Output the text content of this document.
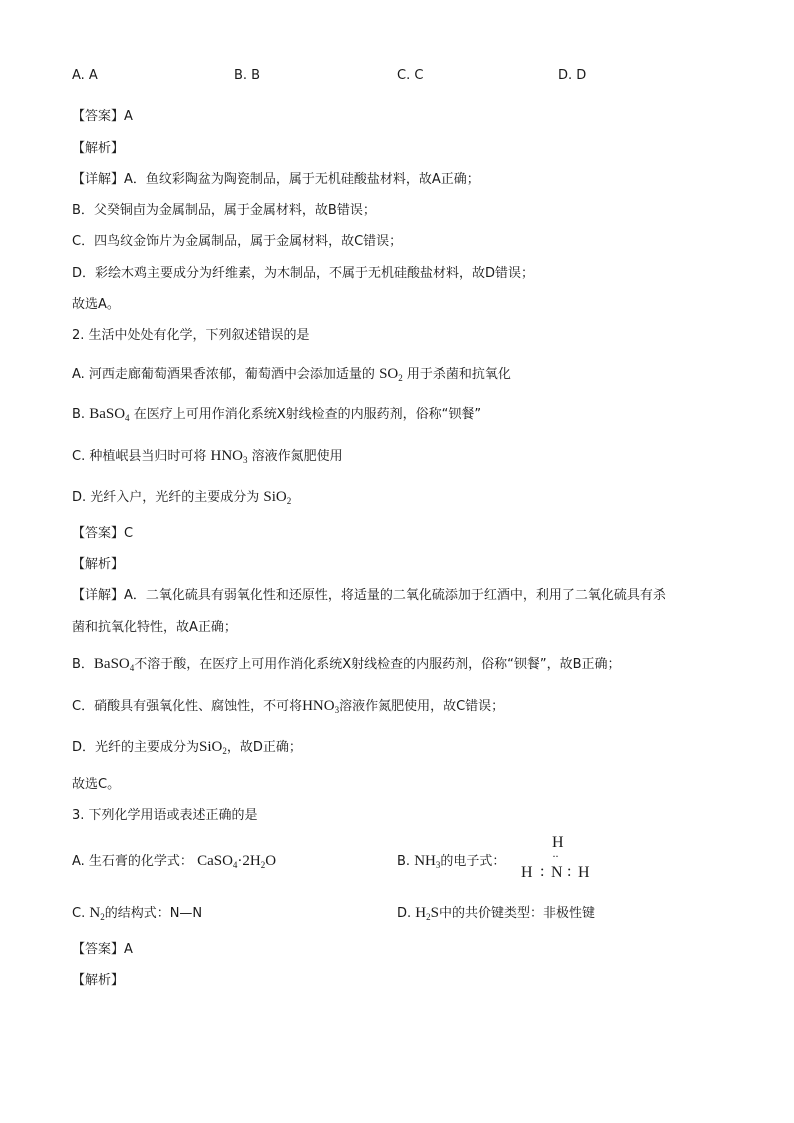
A. A	B. B	C. C	D. D
【答案】A
【解析】
【详解】A．鱼纹彩陶盆为陶瓷制品，属于无机硅酸盐材料，故A正确；
B．父癸铜卣为金属制品，属于金属材料，故B错误；
C．四鸟纹金饰片为金属制品，属于金属材料，故C错误；
D．彩绘木鸡主要成分为纤维素，为木制品，不属于无机硅酸盐材料，故D错误；
故选A。
2. 生活中处处有化学，下列叙述错误的是
A. 河西走廊葡萄酒果香浓郁，葡萄酒中会添加适量的 $SO_2$ 用于杀菌和抗氧化
B. BaSO$_4$ 在医疗上可用作消化系统X射线检查的内服药剂，俗称“钡餐”
C. 种植岷县当归时可将 $HNO_3$ 溶液作氮肥使用
D. 光纤入户，光纤的主要成分为 SiO$_2$
【答案】C
【解析】
【详解】A．二氧化硫具有弱氧化性和还原性，将适量的二氧化硫添加于红酒中，利用了二氧化硫具有杀
菌和抗氧化特性，故A正确；
B．BaSO$_4$不溶于酸，在医疗上可用作消化系统X射线检查的内服药剂，俗称“钡餐”，故B正确；
C．硝酸具有强氧化性、腐蚀性，不可将$HNO_3$溶液作氮肥使用，故C错误；
D．光纤的主要成分为SiO$_2$，故D正确；
故选C。
3. 下列化学用语或表述正确的是
A. 生石膏的化学式： $CaSO_4\cdot 2H_2O$	B. $NH_3$的电子式：
H
··
H : N : H
C. $N_2$的结构式：N—N	D. $H_2S$中的共价键类型：非极性键
【答案】A
【解析】
